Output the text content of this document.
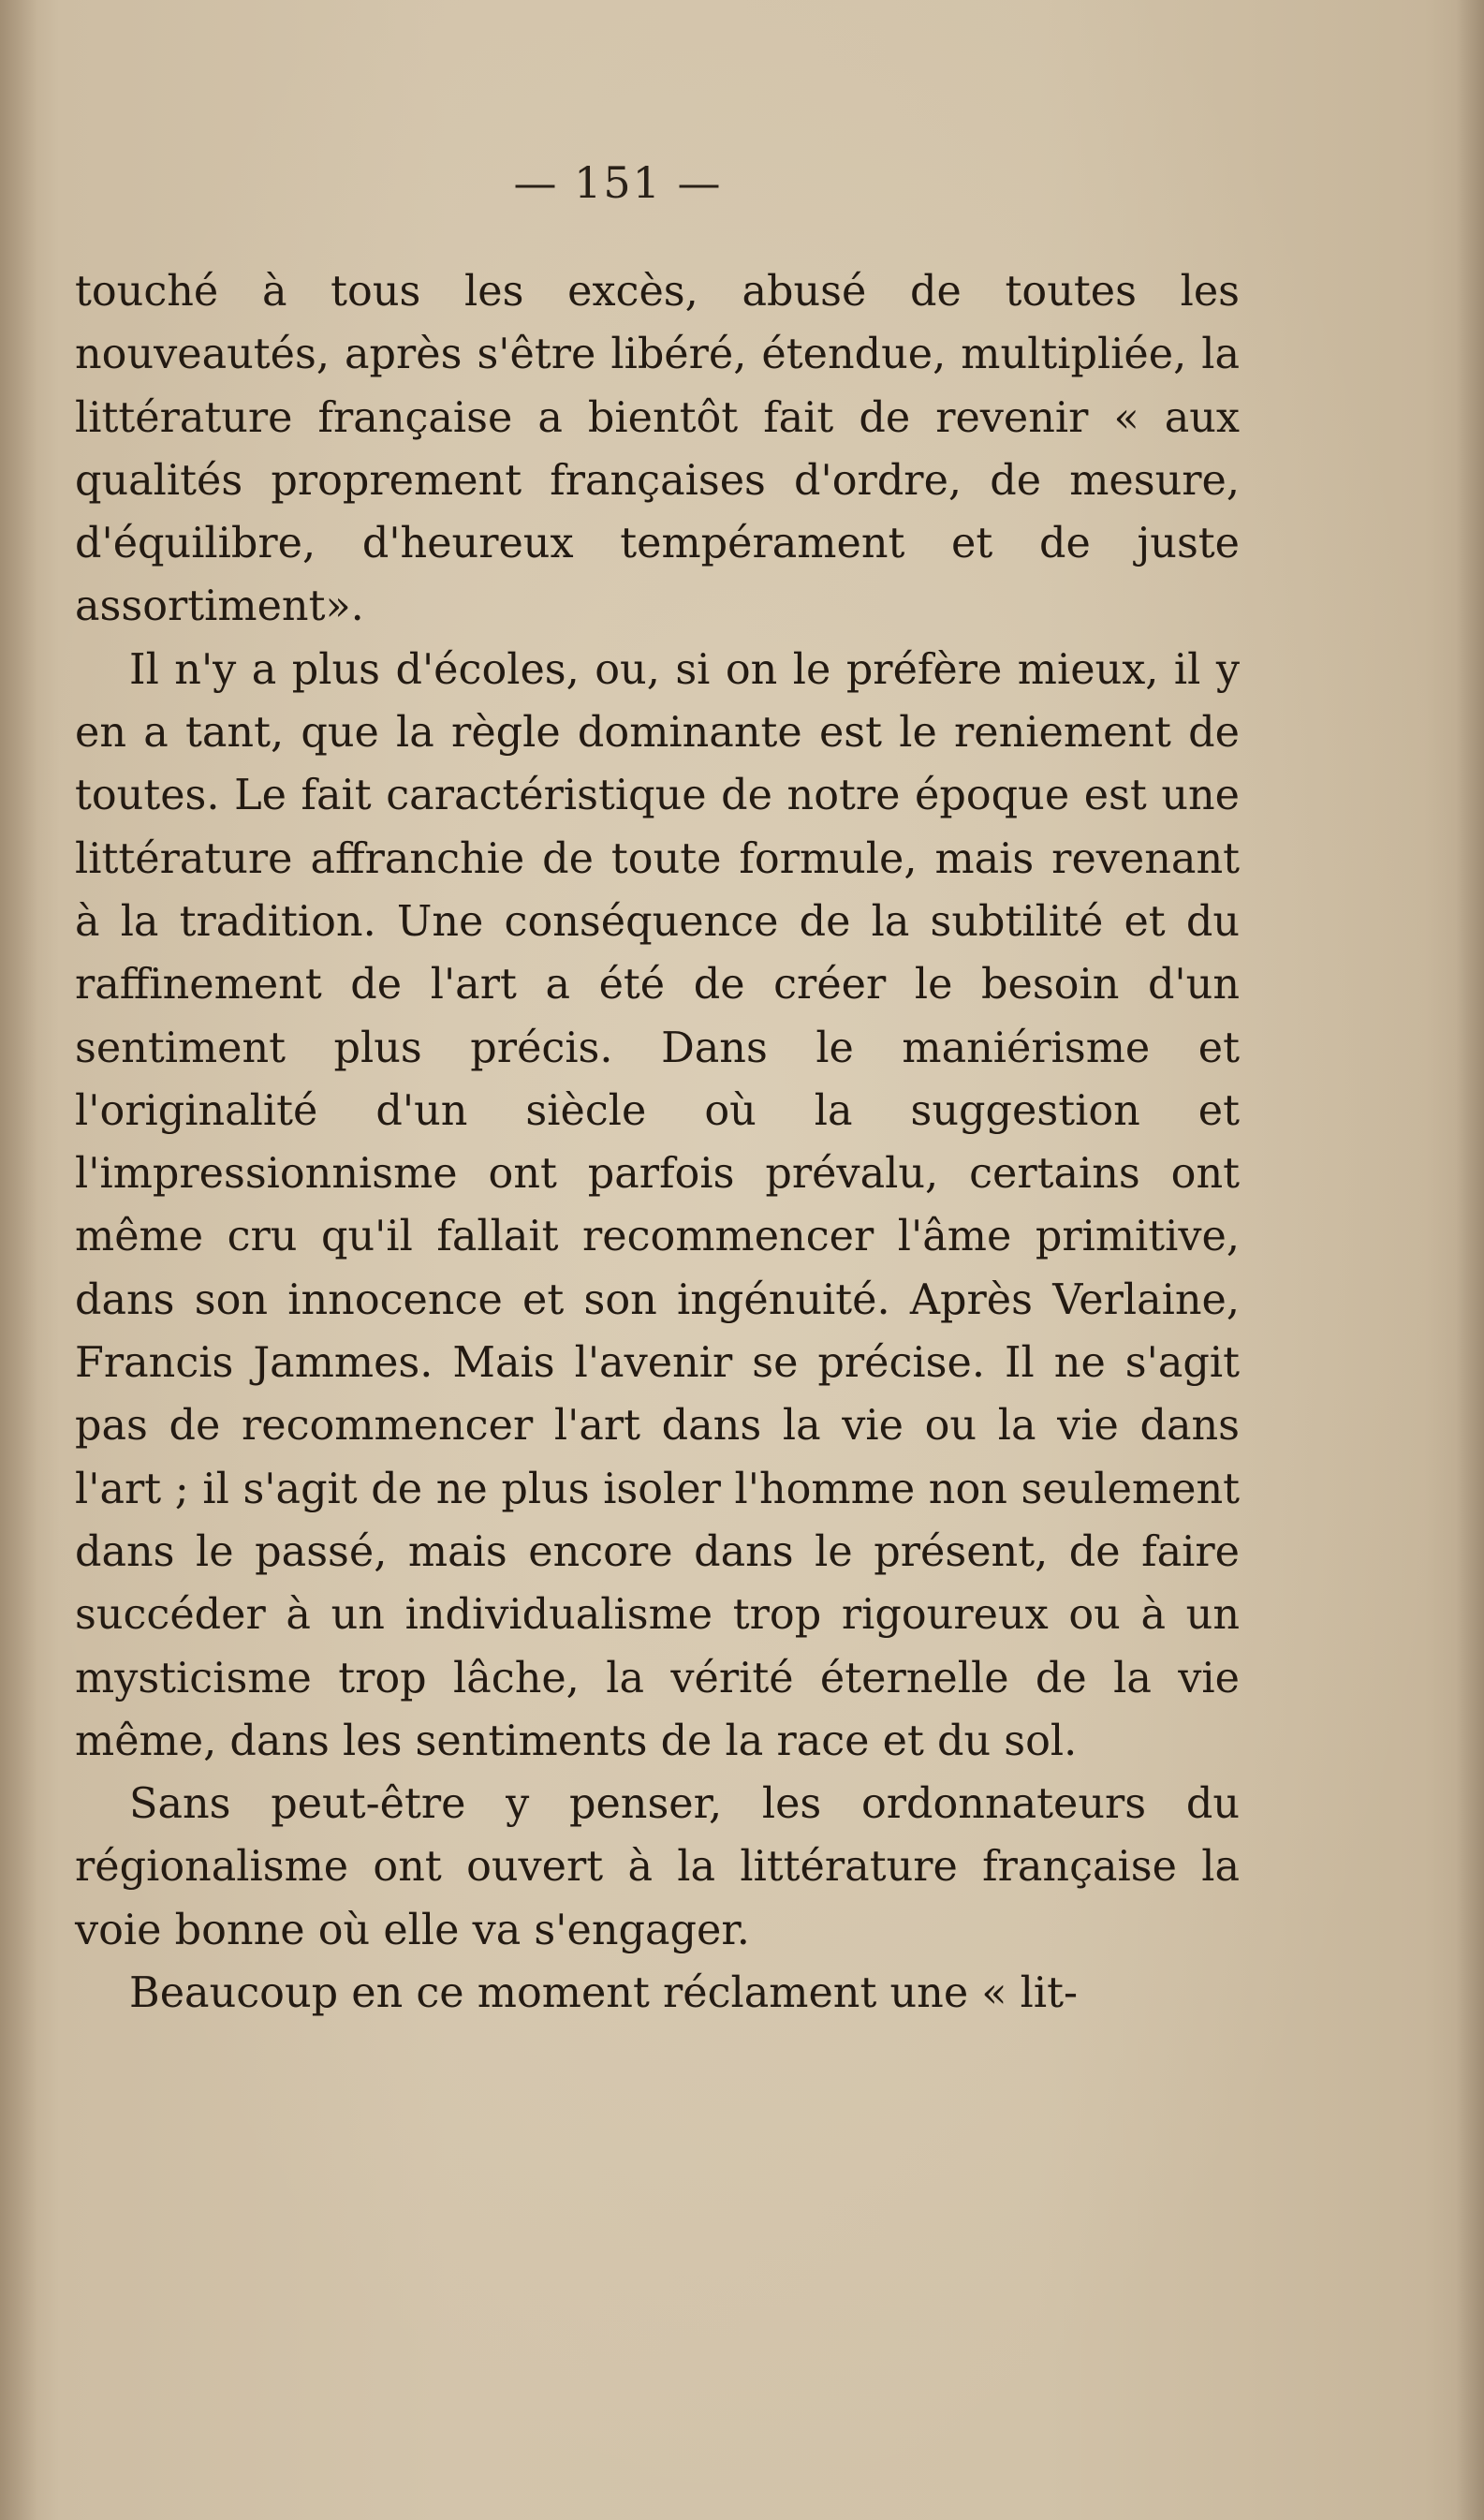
— 151 —

touché à tous les excès, abusé de toutes les nouveautés, après s'être libéré, étendue, multipliée, la littérature française a bientôt fait de revenir « aux qualités proprement françaises d'ordre, de mesure, d'équilibre, d'heureux tempérament et de juste assortiment».

Il n'y a plus d'écoles, ou, si on le préfère mieux, il y en a tant, que la règle dominante est le reniement de toutes. Le fait caractéristique de notre époque est une littérature affranchie de toute formule, mais revenant à la tradition. Une conséquence de la subtilité et du raffinement de l'art a été de créer le besoin d'un sentiment plus précis. Dans le maniérisme et l'originalité d'un siècle où la suggestion et l'impressionnisme ont parfois prévalu, certains ont même cru qu'il fallait recommencer l'âme primitive, dans son innocence et son ingénuité. Après Verlaine, Francis Jammes. Mais l'avenir se précise. Il ne s'agit pas de recommencer l'art dans la vie ou la vie dans l'art ; il s'agit de ne plus isoler l'homme non seulement dans le passé, mais encore dans le présent, de faire succéder à un individualisme trop rigoureux ou à un mysticisme trop lâche, la vérité éternelle de la vie même, dans les sentiments de la race et du sol.

Sans peut-être y penser, les ordonnateurs du régionalisme ont ouvert à la littérature française la voie bonne où elle va s'engager.

Beaucoup en ce moment réclament une « lit-
